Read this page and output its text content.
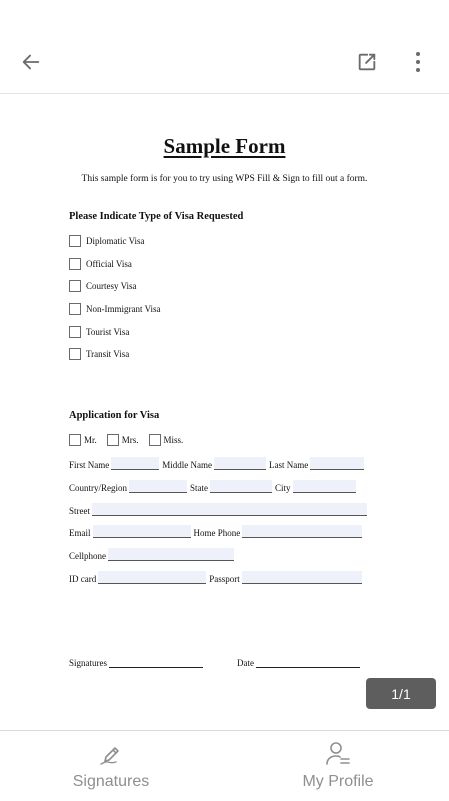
Sample Form
This sample form is for you to try using WPS Fill & Sign to fill out a form.
Please Indicate Type of Visa Requested
Diplomatic Visa
Official Visa
Courtesy Visa
Non-Immigrant Visa
Tourist Visa
Transit Visa
Application for Visa
Mr.	Mrs.	Miss.
First Name	Middle Name	Last Name
Country/Region	State	City
Street
Email	Home Phone
Cellphone
ID card	Passport
Signatures	Date
1/1
Signatures	My Profile
